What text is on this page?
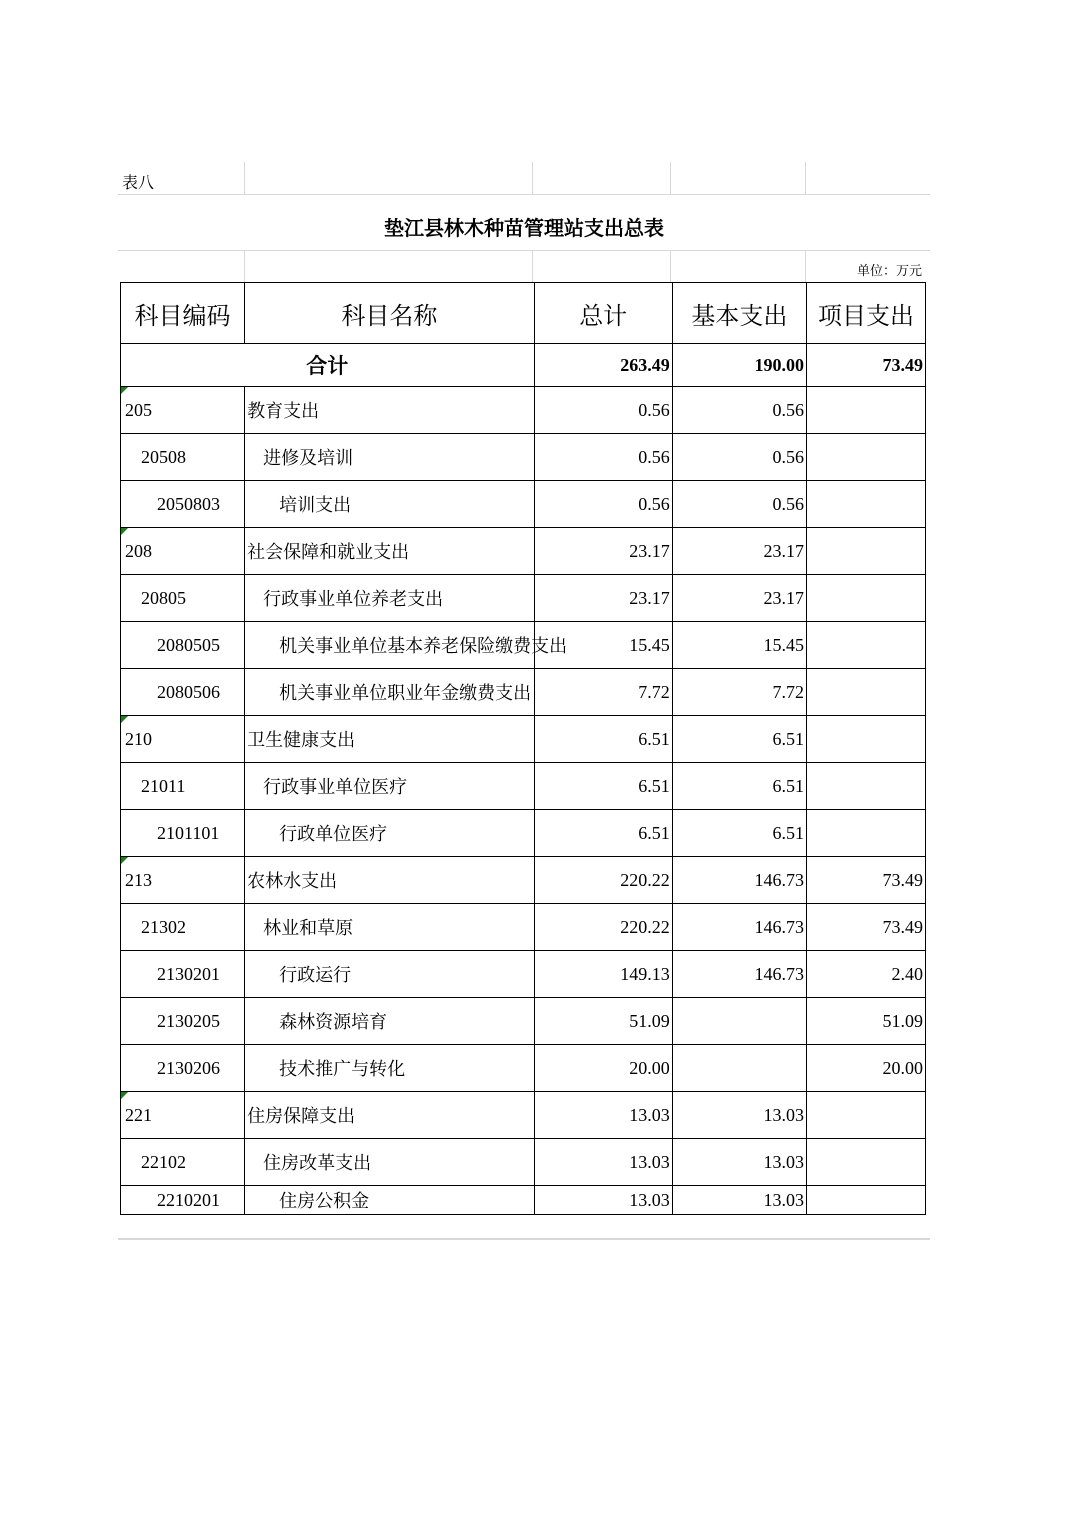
表八
垫江县林木种苗管理站支出总表
单位：万元
科目编码	科目名称	总计	基本支出	项目支出
合计		263.49	190.00	73.49

205	教育支出	0.56	0.56	
20508	进修及培训	0.56	0.56	
2050803	培训支出	0.56	0.56	

208	社会保障和就业支出	23.17	23.17	
20805	行政事业单位养老支出	23.17	23.17	
2080505	机关事业单位基本养老保险缴费支出	15.45	15.45	
2080506	机关事业单位职业年金缴费支出	7.72	7.72	

210	卫生健康支出	6.51	6.51	
21011	行政事业单位医疗	6.51	6.51	
2101101	行政单位医疗	6.51	6.51	

213	农林水支出	220.22	146.73	73.49
21302	林业和草原	220.22	146.73	73.49
2130201	行政运行	149.13	146.73	2.40
2130205	森林资源培育	51.09		51.09
2130206	技术推广与转化	20.00		20.00

221	住房保障支出	13.03	13.03	
22102	住房改革支出	13.03	13.03	
2210201	住房公积金	13.03	13.03	
